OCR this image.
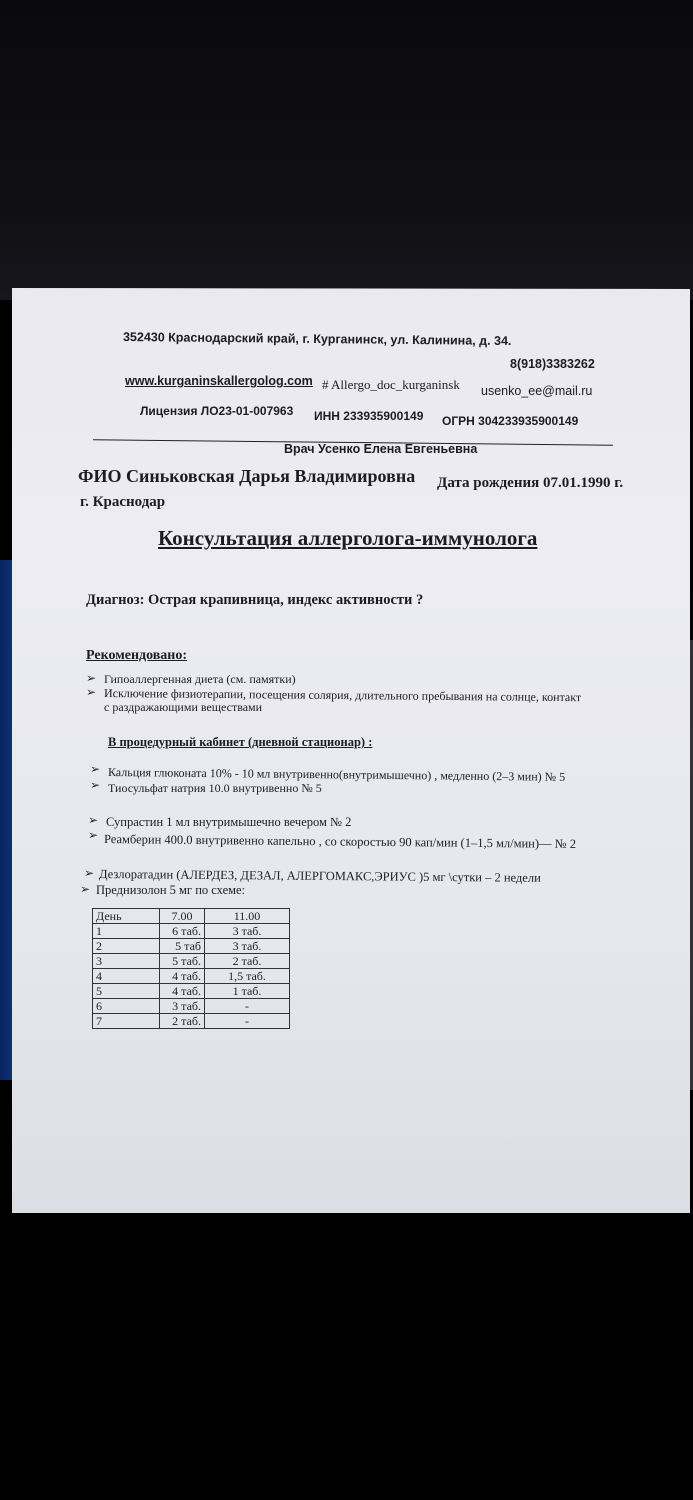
352430 Краснодарский край, г. Курганинск, ул. Калинина, д. 34.
8(918)3383262
www.kurganinskallergolog.com # Allergo_doc_kurganinsk usenko_ee@mail.ru
Лицензия ЛО23-01-007963 ИНН 233935900149 ОГРН 304233935900149
Врач Усенко Елена Евгеньевна
ФИО Синьковская Дарья Владимировна Дата рождения 07.01.1990 г.
г. Краснодар
Консультация аллерголога-иммунолога
Диагноз: Острая крапивница, индекс активности ?
Рекомендовано:
➢ Гипоаллергенная диета (см. памятки)
➢ Исключение физиотерапии, посещения солярия, длительного пребывания на солнце, контакт
с раздражающими веществами
В процедурный кабинет (дневной стационар) :
➢ Кальция глюконата 10% - 10 мл внутривенно(внутримышечно) , медленно (2–3 мин) № 5
➢ Тиосульфат натрия 10.0 внутривенно № 5
➢ Супрастин 1 мл внутримышечно вечером № 2
➢ Реамберин 400.0 внутривенно капельно , со скоростью 90 кап/мин (1–1,5 мл/мин)— № 2
➢ Дезлоратадин (АЛЕРДЕЗ, ДЕЗАЛ, АЛЕРГОМАКС,ЭРИУС )5 мг \сутки – 2 недели
➢ Преднизолон 5 мг по схеме:
День	7.00	11.00
1	6 таб.	3 таб.
2	5 таб	3 таб.
3	5 таб.	2 таб.
4	4 таб.	1,5 таб.
5	4 таб.	1 таб.
6	3 таб.	-
7	2 таб.	-
